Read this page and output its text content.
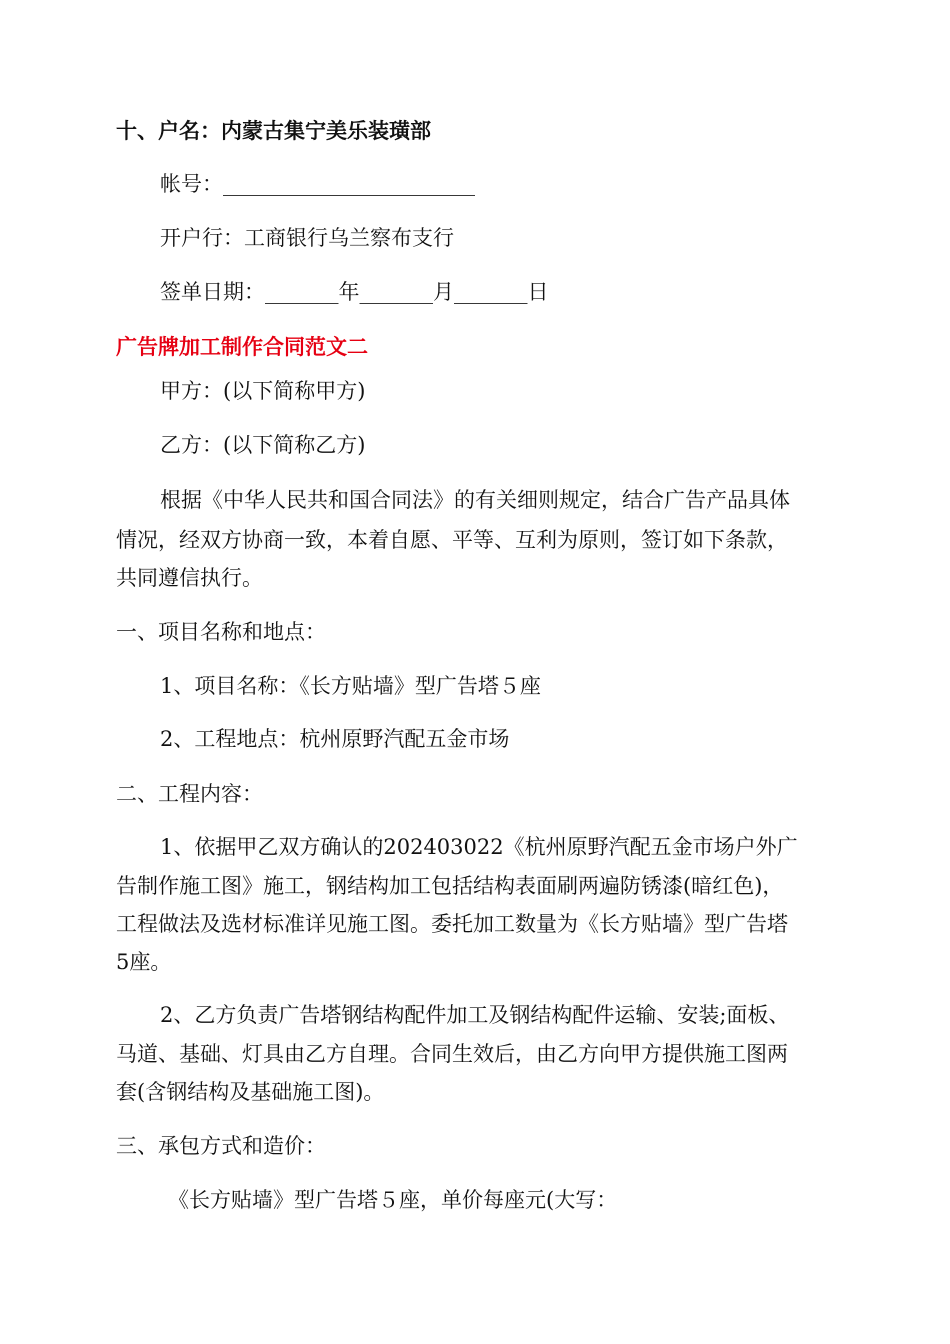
十、户名：内蒙古集宁美乐装璜部
帐号：________________________
开户行：工商银行乌兰察布支行
签单日期：_______年_______月_______日
广告牌加工制作合同范文二
甲方：(以下简称甲方)
乙方：(以下简称乙方)
根据《中华人民共和国合同法》的有关细则规定，结合广告产品具体
情况，经双方协商一致，本着自愿、平等、互利为原则，签订如下条款，
共同遵信执行。
一、项目名称和地点：
1、项目名称：《长方贴墙》型广告塔５座
2、工程地点：杭州原野汽配五金市场
二、工程内容：
1、依据甲乙双方确认的202403022《杭州原野汽配五金市场户外广
告制作施工图》施工，钢结构加工包括结构表面刷两遍防锈漆(暗红色)，
工程做法及选材标准详见施工图。委托加工数量为《长方贴墙》型广告塔
5座。
2、乙方负责广告塔钢结构配件加工及钢结构配件运输、安装;面板、
马道、基础、灯具由乙方自理。合同生效后，由乙方向甲方提供施工图两
套(含钢结构及基础施工图)。
三、承包方式和造价：
《长方贴墙》型广告塔５座，单价每座元(大写：
